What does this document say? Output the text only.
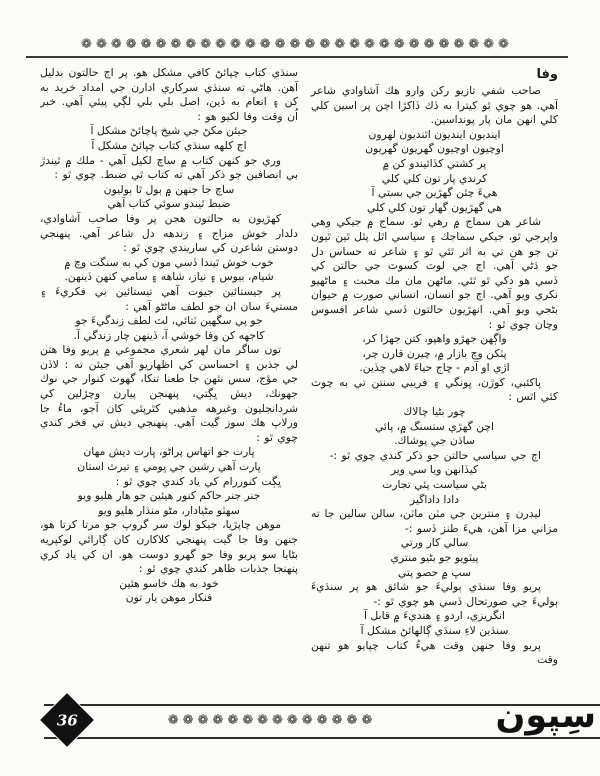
❁❁❁❁❁❁❁❁❁❁❁❁❁❁❁❁❁❁❁❁❁❁❁❁❁❁❁❁❁
وفا
صاحب شفي تازيو ركن وارو هك آشاوادي شاعر آهي. هو چوي ٿو كيترا به ڏك ڏاكڙا اچن پر اسين كلي كلي انهن مان پار پونداسين.
اينديون اينديون اٿنديون لهرون
اوچيون اوچيون گهريون گهريون
پر كشتي كڏائيندو كن ۾
كرندي پار تون كلي كلي
هيءَ چئن گهڙين جي بستي آ
هي گهڙيون گهار تون كلي كلي
شاعر هن سماج ۾ رهي ٿو. سماج ۾ جيكي وهي واپرجي ٿو، جيكي سماجك ۽ سياسي اٿل پٿل ٿين ٿيون تن جو هن تي به اثر ٿئي ٿو ۽ شاعر ته حساس دل جو ڌڻي آهي. اڄ جي لوٽ كسوٽ جي حالتن كي ڏسي هو دكي ٿو ٿئي. ماڻهن مان مك محبت ۽ ماڻهپو نكري ويو آهي. اڄ جو انسان، انساني صورت ۾ حيوان بڻجي ويو آهي. انهڙيون حالتون ڏسي شاعر افسوس وچان چوي ٿو :
واڳهن جهڙو واهپو، كتن جهڙا كر،
پٽكن وچ بازار ۾، چيرن قارن چر،
اڙي او آدم - ڇاج حياءَ لاهي ڇڏين.
پاكئبي، كوڙن، ڀونگي ۽ فريبي سنتن تي به چوٽ كئي اٿس :
چور بڻيا چالاك
اچن گهڙي ستسنگ ۾، پائي
ساڌن جي پوشاك.
اڄ جي سياسي حالتن جو ذكر كندي چوي ٿو :-
كيڏانهن ويا سي وير
بڻي سياست پئي تجارت
دادا داداگير
ليڊرن ۽ منترين جي مٽن ماٽن، سالن سالين جا ته مزاني مزا آهن، هيءَ طنز ڏسو :-
سالي كار ورتي
پيٽويو جو بڻيو منتري
سڀ ۾ حصو پتي
پريو وفا سنڌي ٻوليءَ جو شائق هو پر سنڌيءَ ٻوليءَ جي صورتحال ڏسي هو چوي ٿو :-
انگريزي، اردو ۽ هنديءَ ۾ قابل آ
سنڌين لاءِ سنڌي ڳالهائڻ مشكل آ
پريو وفا جنهن وقت هيءُ كتاب چپايو هو تنهن وقت
سنڌي كتاب چپائڻ كافي مشكل هو. پر اڄ حالتون بدليل آهن. هاڻي ته سنڌي سركاري ادارن جي امداد خريد به كن ۽ انعام به ڏين، اصل بلي بلي لڳي پيئي آهي. خبر اُن وقت وفا لكيو هو :
جيئن مكڻ جي شيخ پاچائڻ مشكل آ
اڄ كلهه سنڌي كتاب چپائڻ مشكل آ
وري جو كنهن كتاب ۾ ساچ لكيل آهي - ملك ۾ ٿيندڙ بي انصافين جو ذكر آهي ته كتاب ٿي ضبط. چوي ٿو :
ساچ جا جنهن ۾ ٻول ٿا ٻوليون
ضبط ٿيندو سوئي كتاب آهي
كهڙيون به حالتون هجن پر وفا صاحب آشاوادي، دلدار خوش مزاج ۽ زندهه دل شاعر آهي. پنهنجي دوستن شاعرن كي ساريندي چوي ٿو :
خوب خوش ٿيندا ڏسي مون كي به سنگت وچ ۾
شيام، بيوس ۽ نياز، شاهه ۽ سامي كنهن ڏينهن.
پر جيستائين جيوت آهي تيستائين بي فكريءَ ۽ مستيءَ سان ان جو لطف ماڻڻو آهي :
جو پي سگهين ٽتائي، لٽ لطف زندگيءَ جو
كاجهه كن وفا خوشي آ، ڏينهن چار زندگي آ.
تون ساگر مان لهر شعري مجموعي ۾ پريو وفا هتن لي جذبن ۽ احساسن كي اظهاريو آهي جيئن ته : لاڏن جي مؤج، سس نئهن جا طعنا تنكا، گهوٽ كنوار جي نوك جهونك، ديش ڀڳتي، پنهنجن پيارن وچڙلين كي شردانجليون وغيرهه مذهبي كٿرپٿي كان آجو، ماءُ جا ورلاپ هك سوز گيت آهي. پنهنجي ديش تي فخر كندي چوي ٿو :
ڀارت جو اتهاس پراڻو، ڀارت ديش مهان
ڀارت آهي رشين جي ڀومي ۽ تيرٿ استان
ڀڳت كنوررام كي ياد كندي چوي ٿو :
جنر جنر حاكم كنور هيئين جو هار هليو ويو
سهٽو مڻيادار، مڻو منڌار هليو ويو
موهن چاپڙيا، جيكو لوك سر گروپ جو مرتا كرتا هو، جنهن وفا جا گيت پنهنجي كلاكارن كان ڳارائي لوكپريه بڻايا سو پريو وفا جو گهرو دوست هو. ان كي ياد كري پنهنجا جذبات ظاهر كندي چوي ٿو :
خود به هك خاسو هئين
فنكار موهن يار تون
❁❁❁❁❁❁❁❁❁❁❁❁❁❁
36	سِپون
